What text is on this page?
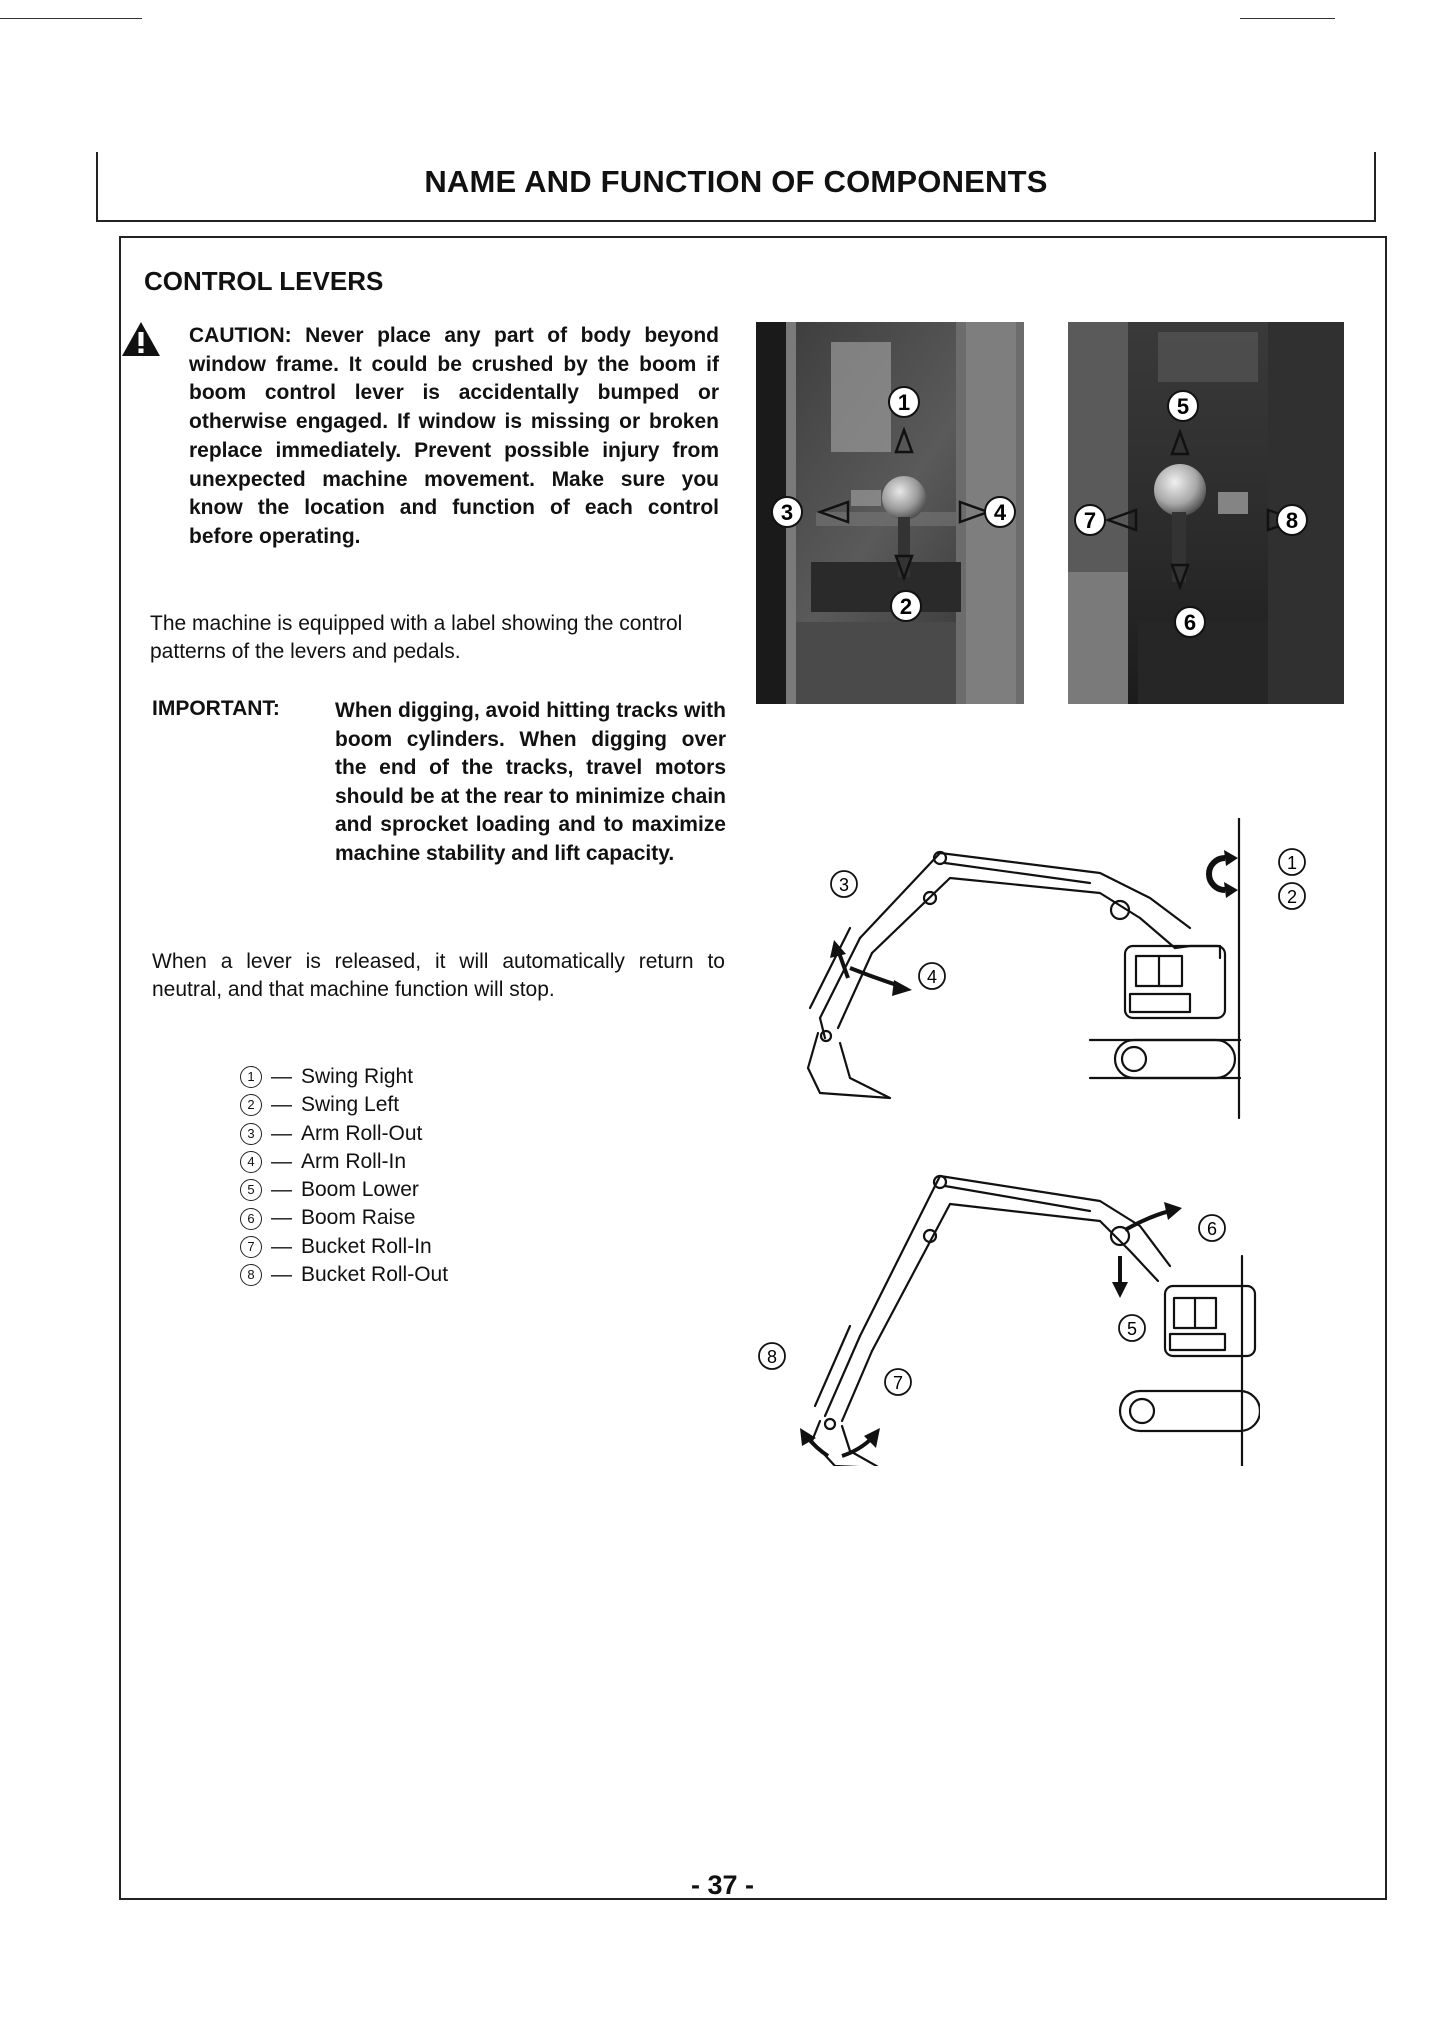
NAME AND FUNCTION OF COMPONENTS
CONTROL LEVERS
CAUTION: Never place any part of body beyond window frame. It could be crushed by the boom if boom control lever is accidentally bumped or otherwise engaged. If window is missing or broken replace immediately. Prevent possible injury from unexpected machine movement. Make sure you know the location and function of each control before operating.
The machine is equipped with a label showing the control patterns of the levers and pedals.
IMPORTANT:	When digging, avoid hitting tracks with boom cylinders. When digging over the end of the tracks, travel motors should be at the rear to minimize chain and sprocket loading and to maximize machine stability and lift capacity.
When a lever is released, it will automatically return to neutral, and that machine function will stop.
1 — Swing Right
2 — Swing Left
3 — Arm Roll-Out
4 — Arm Roll-In
5 — Boom Lower
6 — Boom Raise
7 — Bucket Roll-In
8 — Bucket Roll-Out
1
2
3	4
5
6
7	8
3
4
1
2
6
5
8
7
- 37 -
